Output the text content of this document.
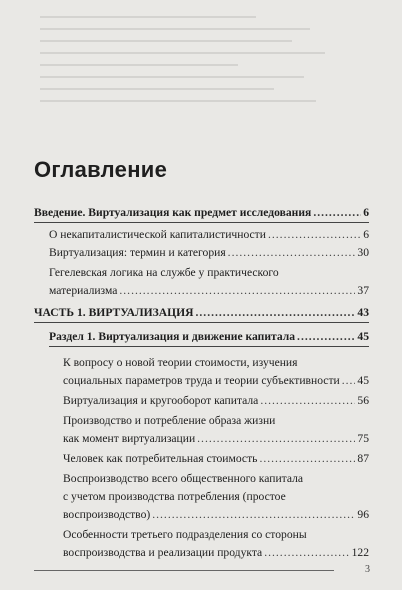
Оглавление
Введение. Виртуализация как предмет исследования .....	6
О некапиталистической капиталистичности .....	6
Виртуализация: термин и категория .....	30
Гегелевская логика на службе у практического
материализма .....	37
ЧАСТЬ 1. ВИРТУАЛИЗАЦИЯ .....	43
Раздел 1. Виртуализация и движение капитала .....	45
К вопросу о новой теории стоимости, изучения
социальных параметров труда и теории субъективности ..... 45
Виртуализация и кругооборот капитала .....	56
Производство и потребление образа жизни
как момент виртуализации .....	75
Человек как потребительная стоимость .....	87
Воспроизводство всего общественного капитала
с учетом производства потребления (простое
воспроизводство) .....	96
Особенности третьего подразделения со стороны
воспроизводства и реализации продукта .....	122
3
